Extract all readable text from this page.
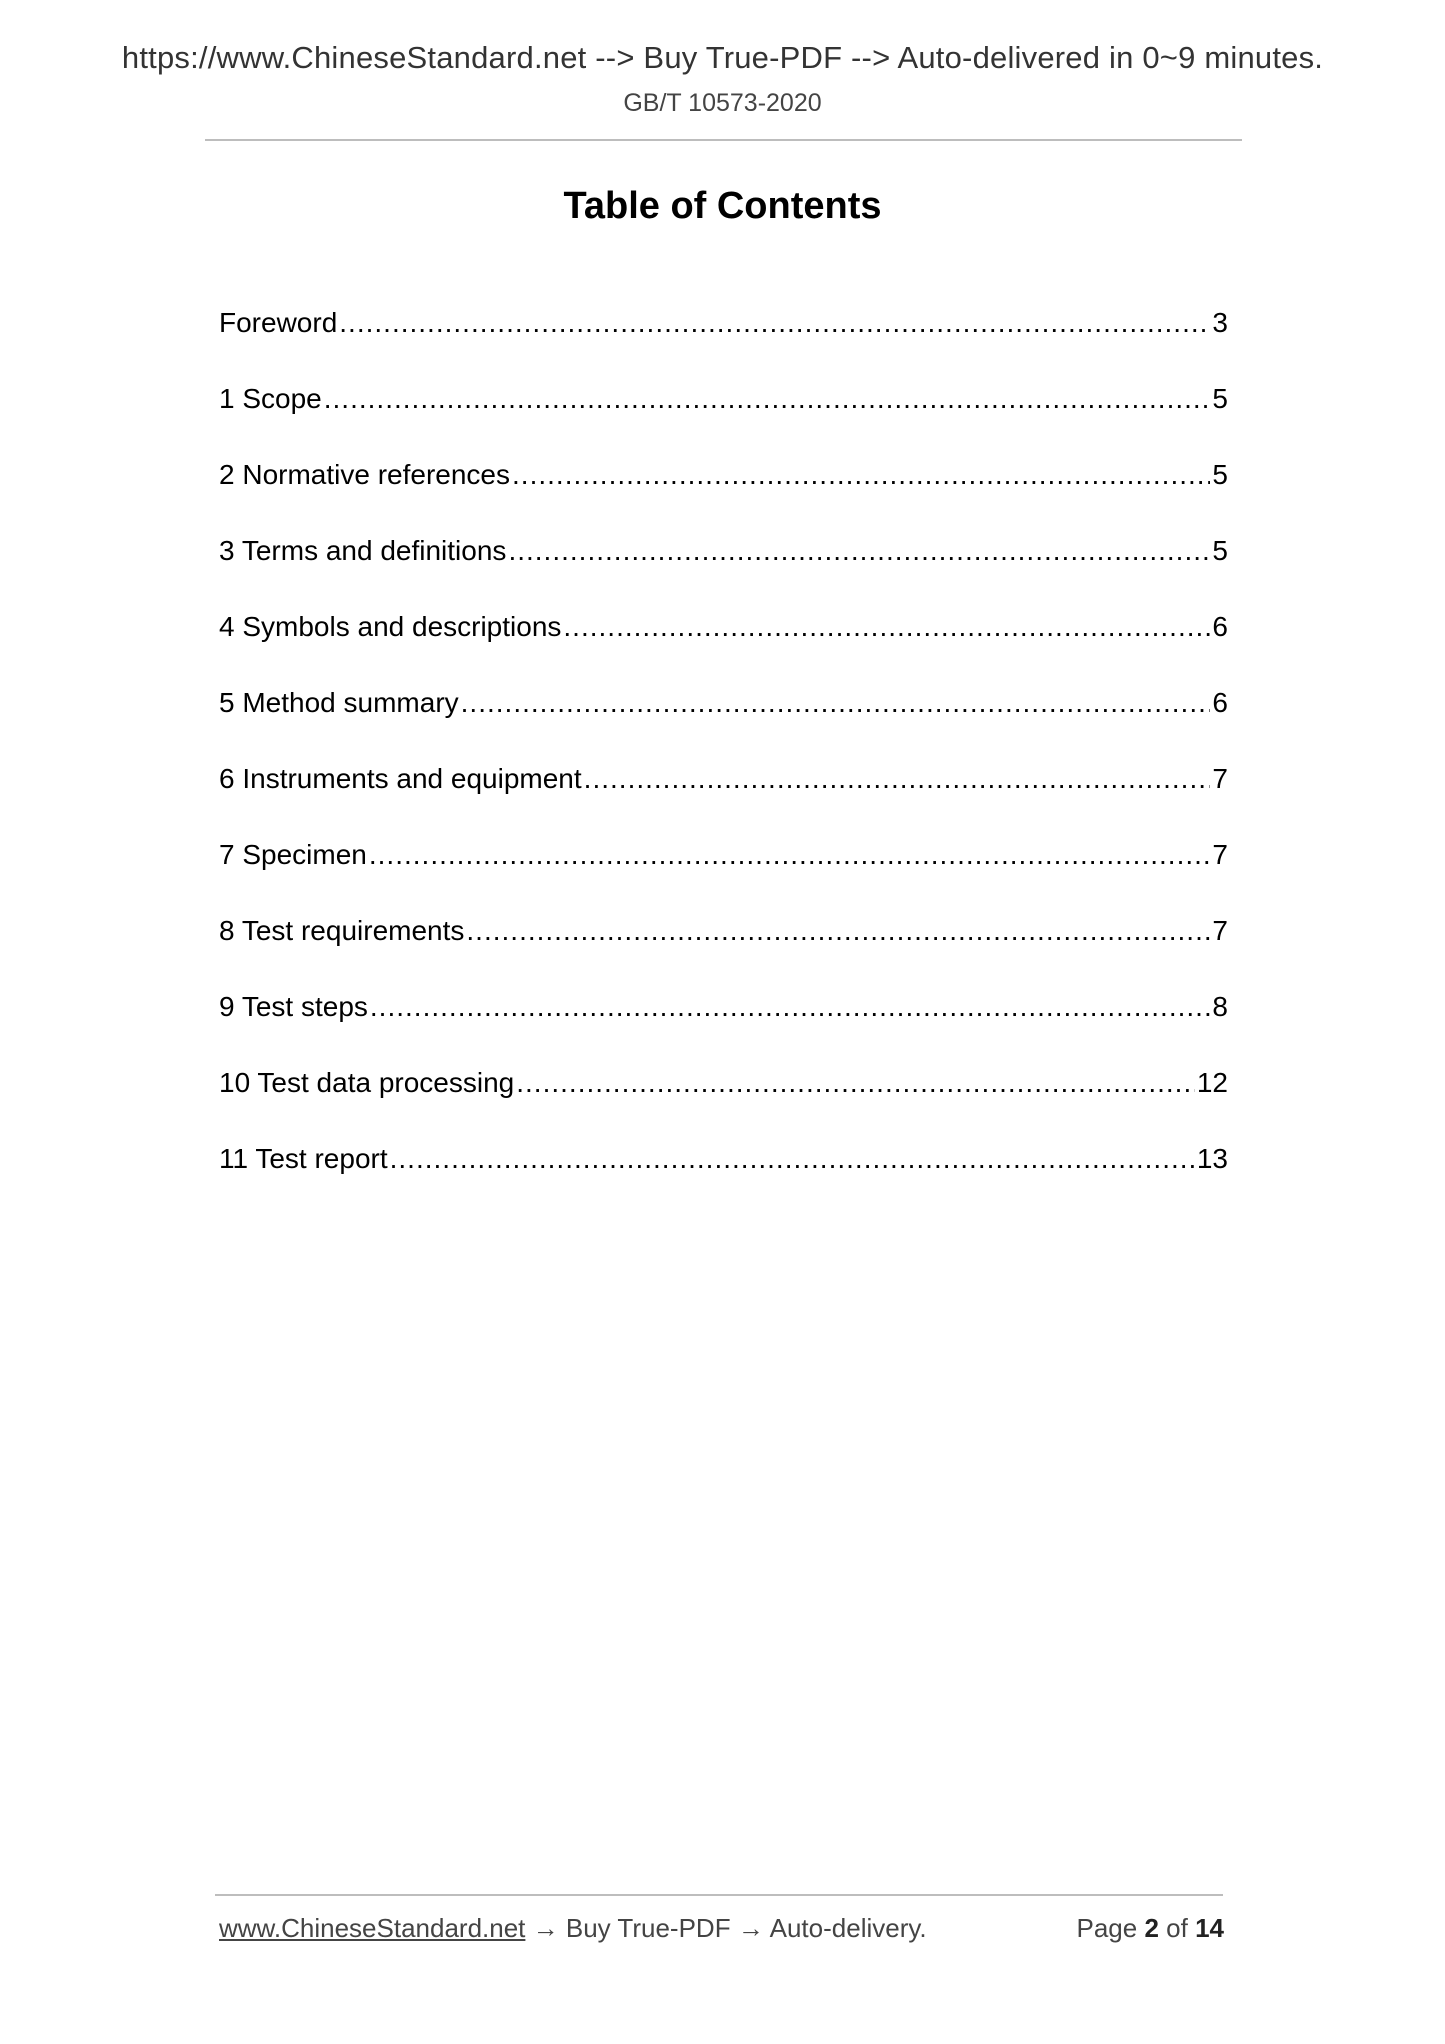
https://www.ChineseStandard.net --> Buy True-PDF --> Auto-delivered in 0~9 minutes.
GB/T 10573-2020
Table of Contents
Foreword .....	3
1 Scope .....	5
2 Normative references .....	5
3 Terms and definitions .....	5
4 Symbols and descriptions .....	6
5 Method summary .....	6
6 Instruments and equipment .....	7
7 Specimen .....	7
8 Test requirements .....	7
9 Test steps .....	8
10 Test data processing .....	12
11 Test report .....	13
www.ChineseStandard.net → Buy True-PDF → Auto-delivery.	Page 2 of 14
